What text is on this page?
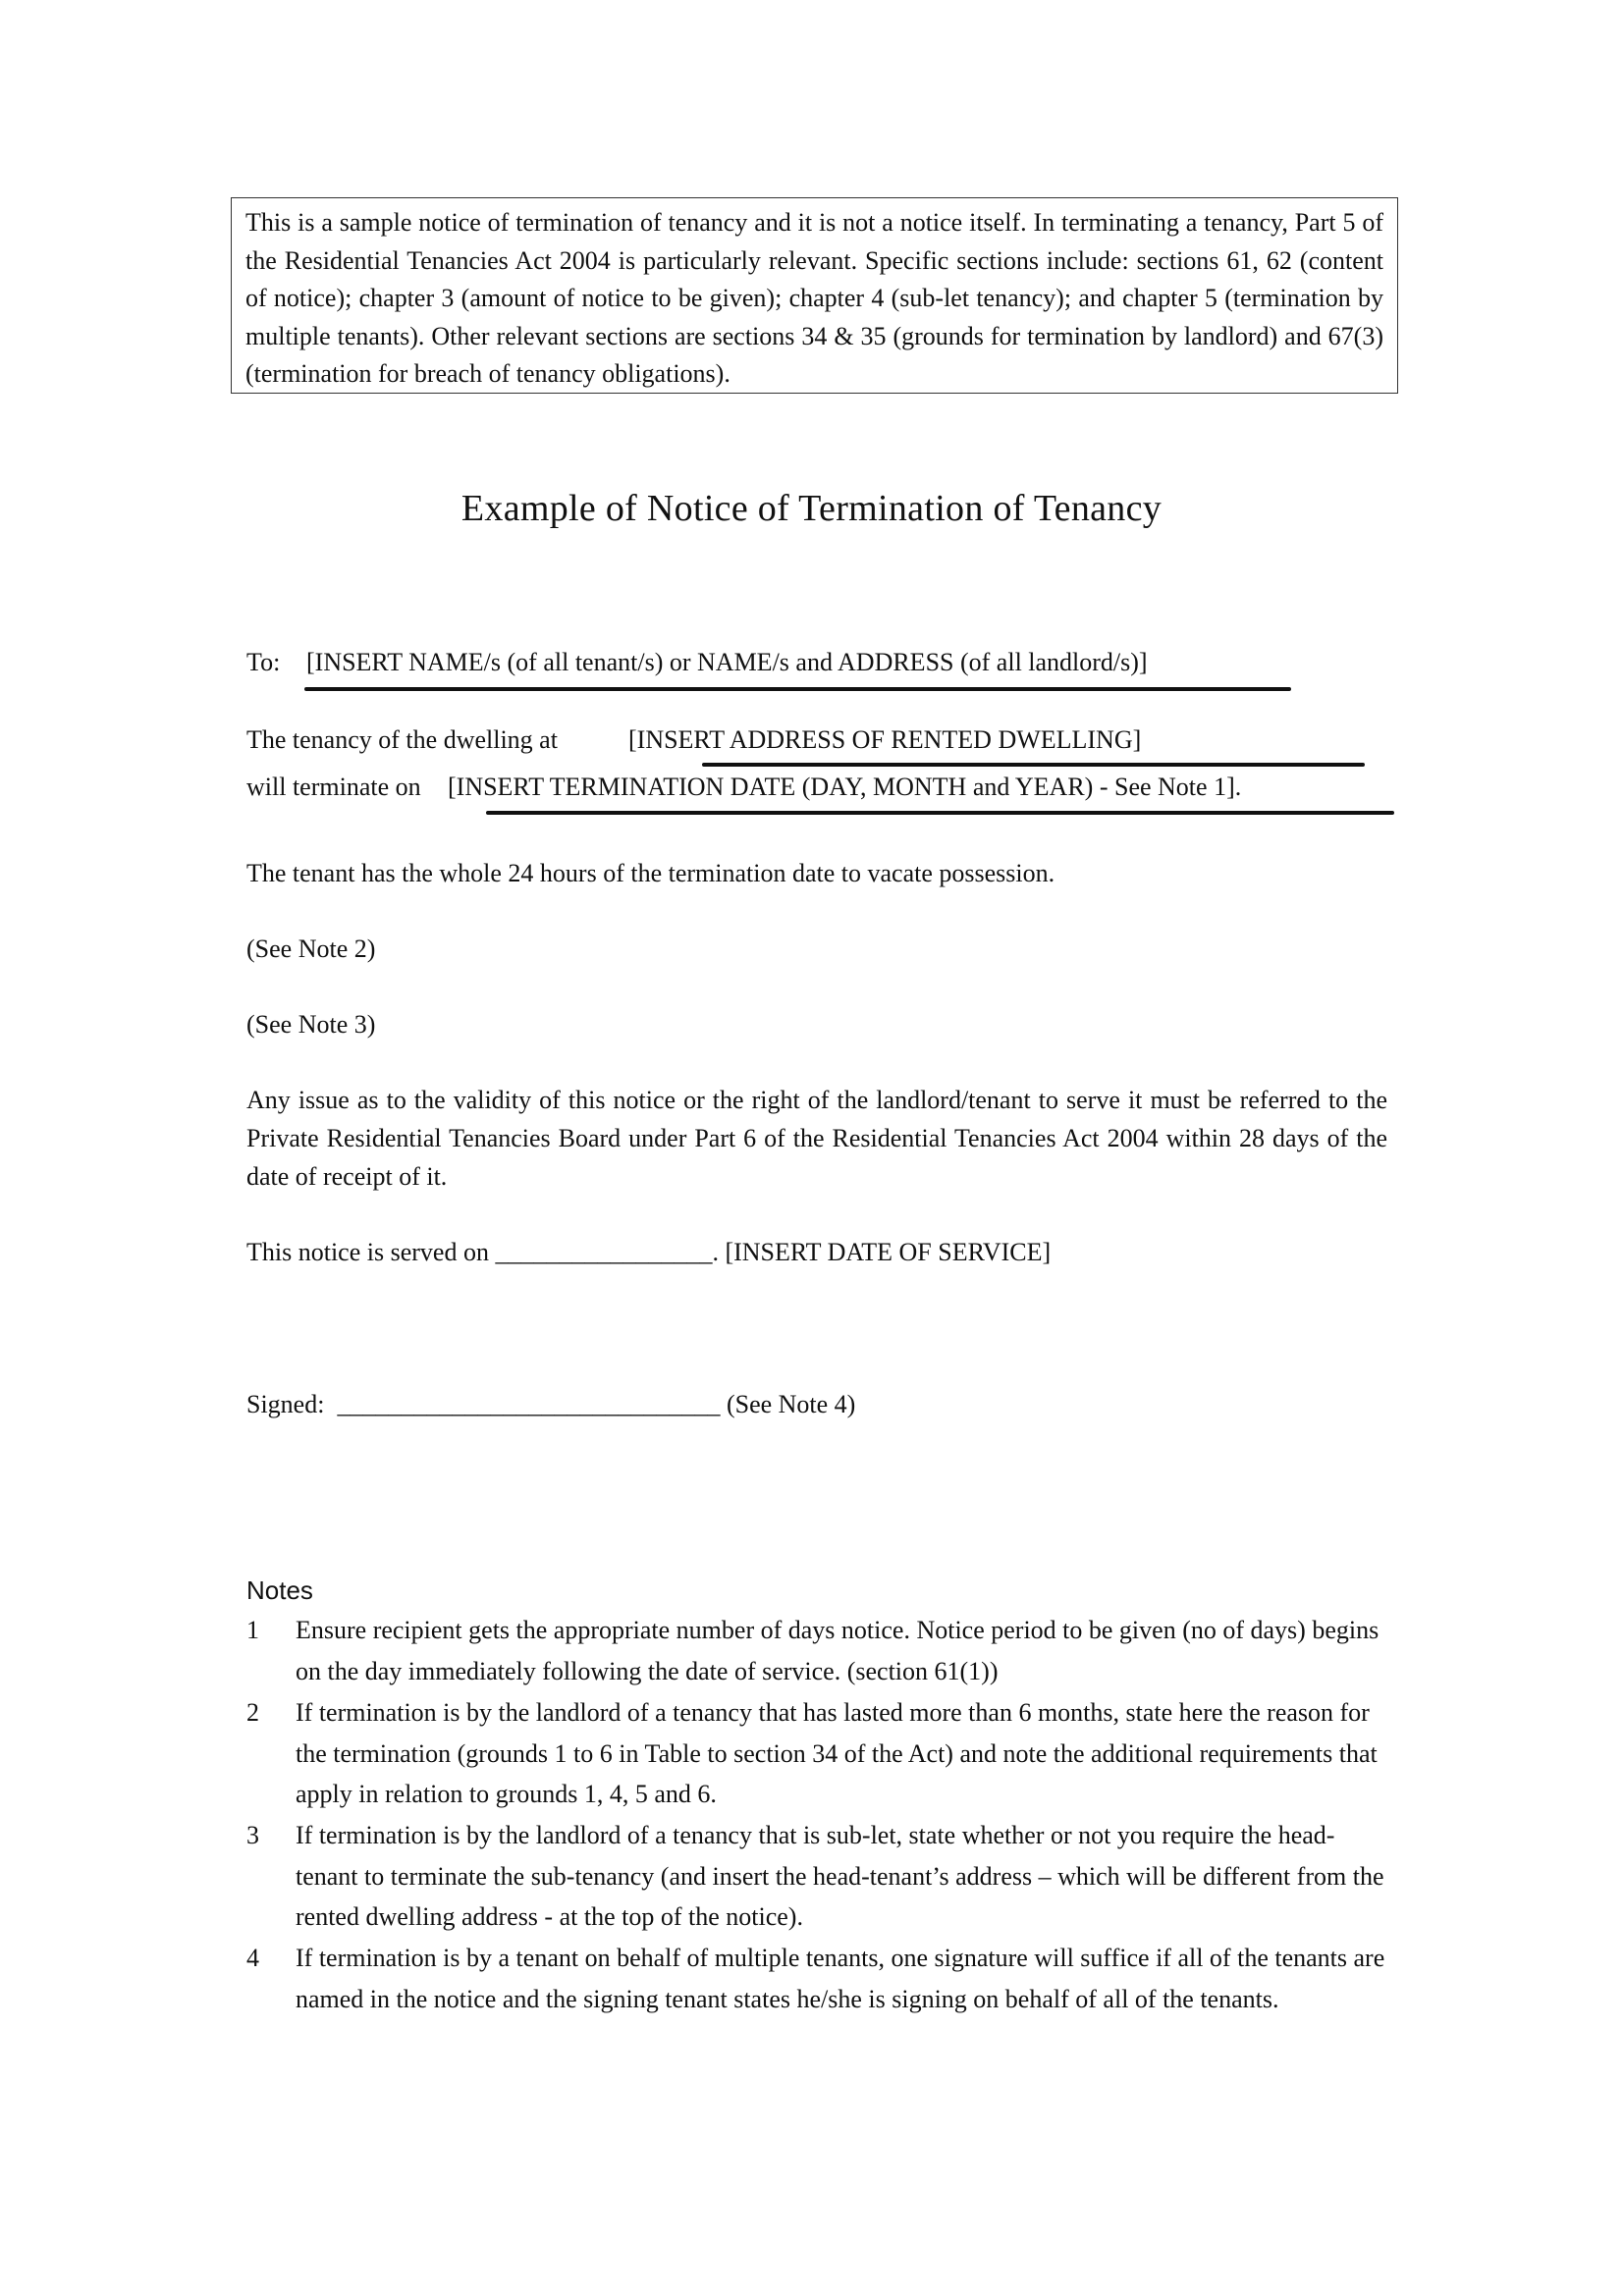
This is a sample notice of termination of tenancy and it is not a notice itself. In terminating a tenancy, Part 5 of the Residential Tenancies Act 2004 is particularly relevant. Specific sections include: sections 61, 62 (content of notice); chapter 3 (amount of notice to be given); chapter 4 (sub-let tenancy); and chapter 5 (termination by multiple tenants). Other relevant sections are sections 34 & 35 (grounds for termination by landlord) and 67(3) (termination for breach of tenancy obligations).
Example of Notice of Termination of Tenancy
To: [INSERT NAME/s (of all tenant/s) or NAME/s and ADDRESS (of all landlord/s)]
The tenancy of the dwelling at	[INSERT ADDRESS OF RENTED DWELLING]
will terminate on [INSERT TERMINATION DATE (DAY, MONTH and YEAR) - See Note 1].
The tenant has the whole 24 hours of the termination date to vacate possession.
(See Note 2)
(See Note 3)
Any issue as to the validity of this notice or the right of the landlord/tenant to serve it must be referred to the Private Residential Tenancies Board under Part 6 of the Residential Tenancies Act 2004 within 28 days of the date of receipt of it.
This notice is served on _________________. [INSERT DATE OF SERVICE]
Signed:  ______________________________ (See Note 4)
Notes
1 Ensure recipient gets the appropriate number of days notice. Notice period to be given (no of days) begins on the day immediately following the date of service. (section 61(1))
2 If termination is by the landlord of a tenancy that has lasted more than 6 months, state here the reason for the termination (grounds 1 to 6 in Table to section 34 of the Act) and note the additional requirements that apply in relation to grounds 1, 4, 5 and 6.
3 If termination is by the landlord of a tenancy that is sub-let, state whether or not you require the head-tenant to terminate the sub-tenancy (and insert the head-tenant’s address – which will be different from the rented dwelling address - at the top of the notice).
4 If termination is by a tenant on behalf of multiple tenants, one signature will suffice if all of the tenants are named in the notice and the signing tenant states he/she is signing on behalf of all of the tenants.
